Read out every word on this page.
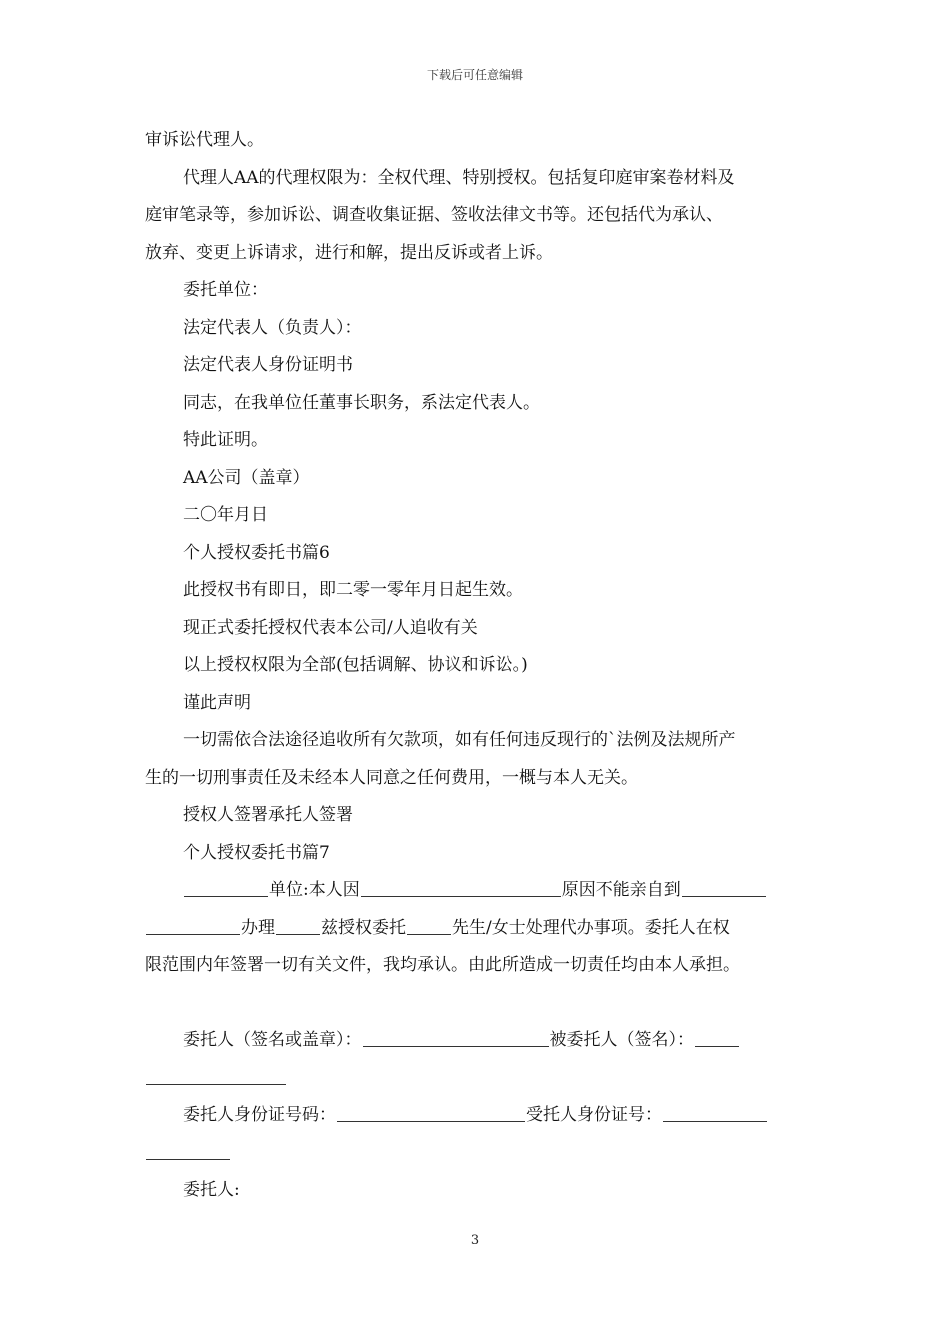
下载后可任意编辑
审诉讼代理人。
代理人AA的代理权限为：全权代理、特别授权。包括复印庭审案卷材料及
庭审笔录等，参加诉讼、调查收集证据、签收法律文书等。还包括代为承认、
放弃、变更上诉请求，进行和解，提出反诉或者上诉。
委托单位：
法定代表人（负责人）：
法定代表人身份证明书
同志，在我单位任董事长职务，系法定代表人。
特此证明。
AA公司（盖章）
二〇年月日
个人授权委托书篇6
此授权书有即日，即二零一零年月日起生效。
现正式委托授权代表本公司/人追收有关
以上授权权限为全部(包括调解、协议和诉讼。)
谨此声明
一切需依合法途径追收所有欠款项，如有任何违反现行的`法例及法规所产
生的一切刑事责任及未经本人同意之任何费用，一概与本人无关。
授权人签署承托人签署
个人授权委托书篇7
单位:本人因	原因不能亲自到
办理	兹授权委托	先生/女士处理代办事项。委托人在权
限范围内年签署一切有关文件，我均承认。由此所造成一切责任均由本人承担。
委托人（签名或盖章）：	被委托人（签名）：
委托人身份证号码：	受托人身份证号：
委托人:
3
